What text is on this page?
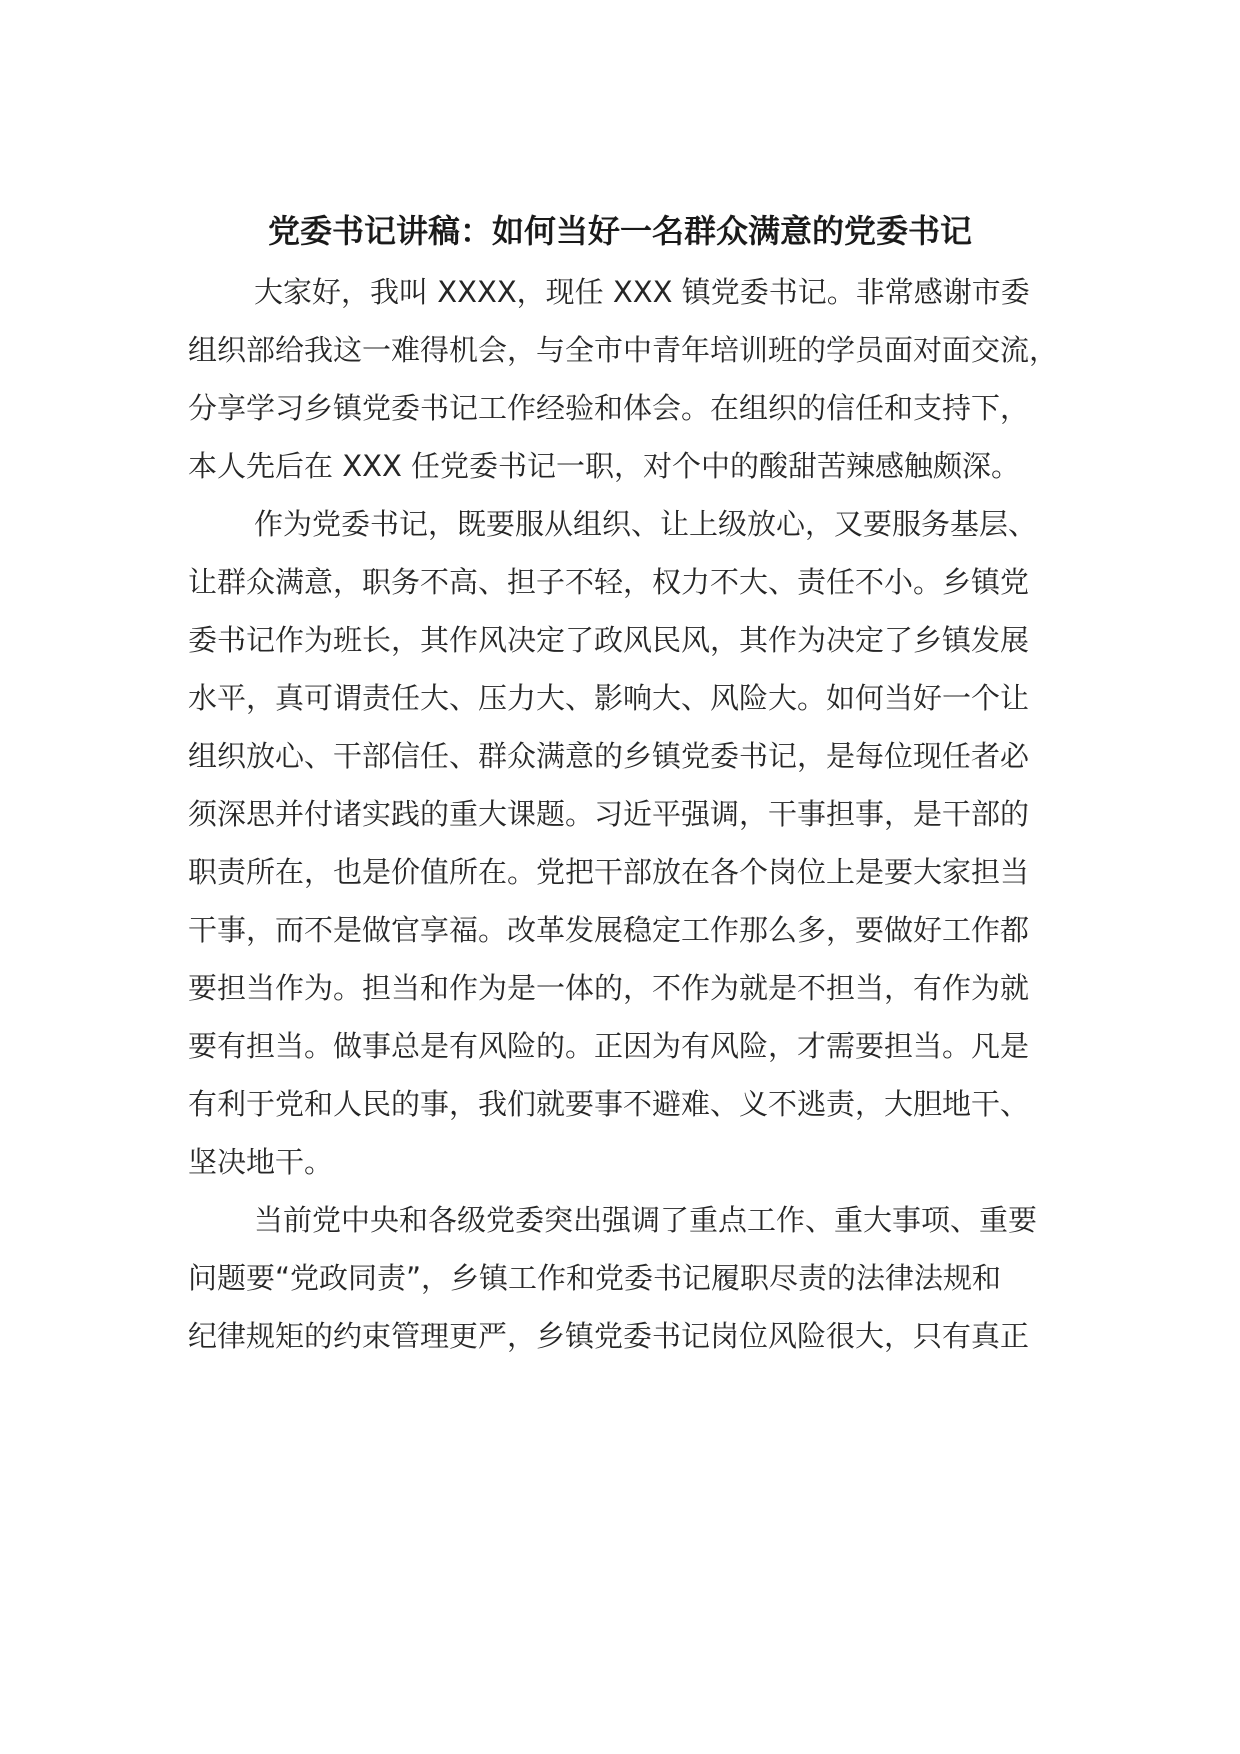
党委书记讲稿：如何当好一名群众满意的党委书记

大家好，我叫 XXXX，现任 XXX 镇党委书记。非常感谢市委

组织部给我这一难得机会，与全市中青年培训班的学员面对面交流，

分享学习乡镇党委书记工作经验和体会。在组织的信任和支持下，

本人先后在 XXX 任党委书记一职，对个中的酸甜苦辣感触颇深。

作为党委书记，既要服从组织、让上级放心，又要服务基层、

让群众满意，职务不高、担子不轻，权力不大、责任不小。乡镇党

委书记作为班长，其作风决定了政风民风，其作为决定了乡镇发展

水平，真可谓责任大、压力大、影响大、风险大。如何当好一个让

组织放心、干部信任、群众满意的乡镇党委书记，是每位现任者必

须深思并付诸实践的重大课题。习近平强调，干事担事，是干部的

职责所在，也是价值所在。党把干部放在各个岗位上是要大家担当

干事，而不是做官享福。改革发展稳定工作那么多，要做好工作都

要担当作为。担当和作为是一体的，不作为就是不担当，有作为就

要有担当。做事总是有风险的。正因为有风险，才需要担当。凡是

有利于党和人民的事，我们就要事不避难、义不逃责，大胆地干、

坚决地干。

当前党中央和各级党委突出强调了重点工作、重大事项、重要

问题要“党政同责”，乡镇工作和党委书记履职尽责的法律法规和

纪律规矩的约束管理更严，乡镇党委书记岗位风险很大，只有真正
